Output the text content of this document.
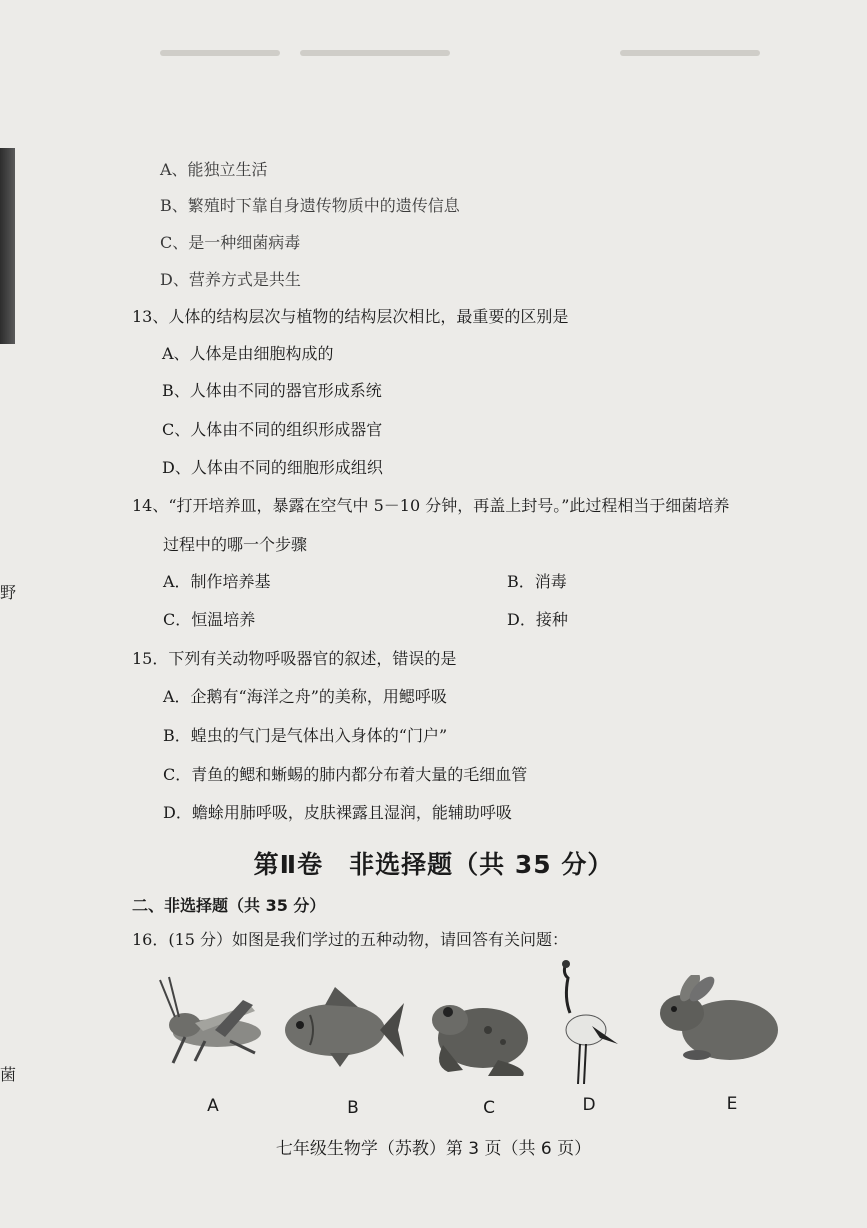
野
菌
A、能独立生活
B、繁殖时下靠自身遗传物质中的遗传信息
C、是一种细菌病毒
D、营养方式是共生
13、人体的结构层次与植物的结构层次相比，最重要的区别是
A、人体是由细胞构成的
B、人体由不同的器官形成系统
C、人体由不同的组织形成器官
D、人体由不同的细胞形成组织
14、“打开培养皿，暴露在空气中 5－10 分钟，再盖上封号。”此过程相当于细菌培养
过程中的哪一个步骤
A．制作培养基	B．消毒
C．恒温培养	D．接种
15．下列有关动物呼吸器官的叙述，错误的是
A．企鹅有“海洋之舟”的美称，用鳃呼吸
B．蝗虫的气门是气体出入身体的“门户”
C．青鱼的鳃和蜥蜴的肺内都分布着大量的毛细血管
D．蟾蜍用肺呼吸，皮肤裸露且湿润，能辅助呼吸
第Ⅱ卷　非选择题（共 35 分）
二、非选择题（共 35 分）
16．(15 分）如图是我们学过的五种动物，请回答有关问题：
A	B	C	D	E
七年级生物学（苏教）第 3 页（共 6 页）
